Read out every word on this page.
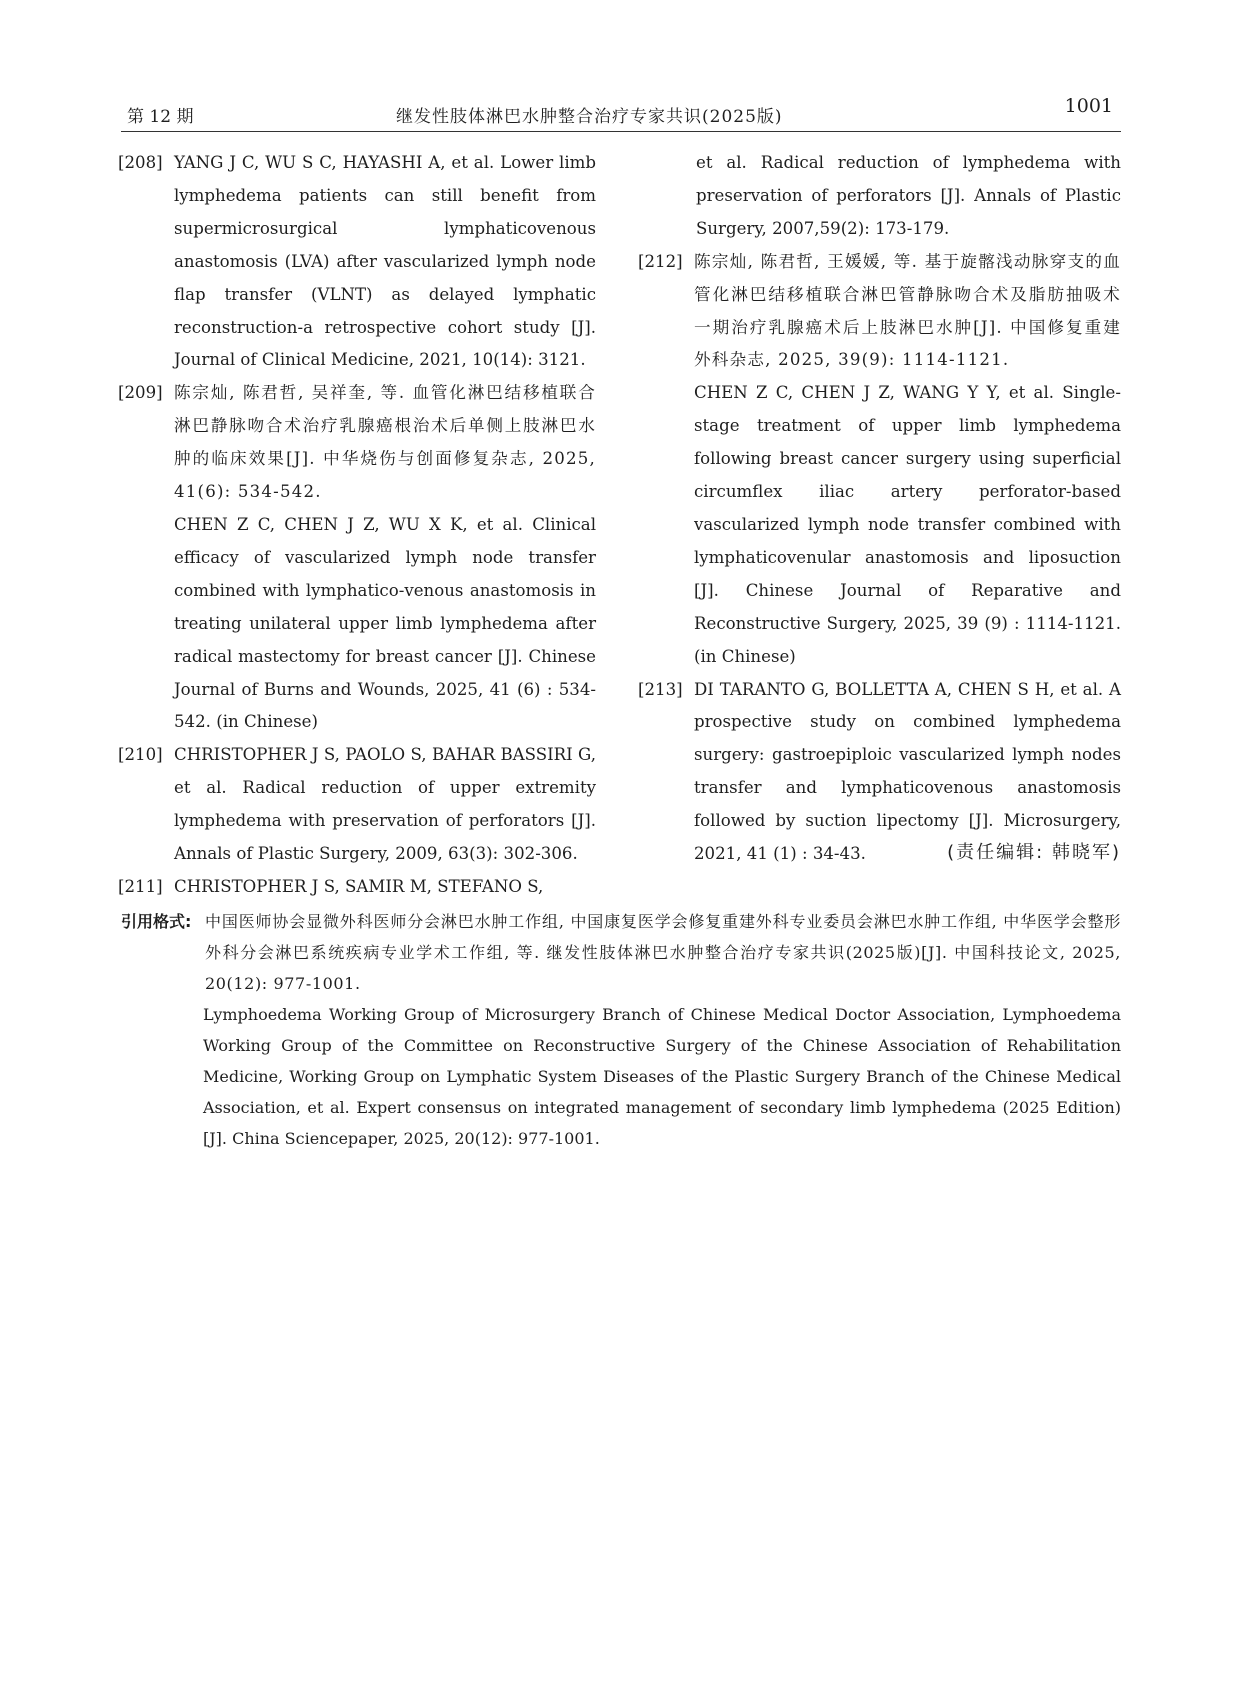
第 12 期	继发性肢体淋巴水肿整合治疗专家共识(2025版)	1001
[208] YANG J C, WU S C, HAYASHI A, et al. Lower limb lymphedema patients can still benefit from supermicrosurgical lymphaticovenous anastomosis (LVA) after vascularized lymph node flap transfer (VLNT) as delayed lymphatic reconstruction-a retrospective cohort study [J]. Journal of Clinical Medicine, 2021, 10(14): 3121.
[209] 陈宗灿, 陈君哲, 吴祥奎, 等. 血管化淋巴结移植联合淋巴静脉吻合术治疗乳腺癌根治术后单侧上肢淋巴水肿的临床效果[J]. 中华烧伤与创面修复杂志, 2025, 41(6): 534-542.
CHEN Z C, CHEN J Z, WU X K, et al. Clinical efficacy of vascularized lymph node transfer combined with lymphatico-venous anastomosis in treating unilateral upper limb lymphedema after radical mastectomy for breast cancer [J]. Chinese Journal of Burns and Wounds, 2025, 41 (6) : 534-542. (in Chinese)
[210] CHRISTOPHER J S, PAOLO S, BAHAR BASSIRI G, et al. Radical reduction of upper extremity lymphedema with preservation of perforators [J]. Annals of Plastic Surgery, 2009, 63(3): 302-306.
[211] CHRISTOPHER J S, SAMIR M, STEFANO S,
et al. Radical reduction of lymphedema with preservation of perforators [J]. Annals of Plastic Surgery, 2007,59(2): 173-179.
[212] 陈宗灿, 陈君哲, 王媛媛, 等. 基于旋髂浅动脉穿支的血管化淋巴结移植联合淋巴管静脉吻合术及脂肪抽吸术一期治疗乳腺癌术后上肢淋巴水肿[J]. 中国修复重建外科杂志, 2025, 39(9): 1114-1121.
CHEN Z C, CHEN J Z, WANG Y Y, et al. Single-stage treatment of upper limb lymphedema following breast cancer surgery using superficial circumflex iliac artery perforator-based vascularized lymph node transfer combined with lymphaticovenular anastomosis and liposuction [J]. Chinese Journal of Reparative and Reconstructive Surgery, 2025, 39 (9) : 1114-1121. (in Chinese)
[213] DI TARANTO G, BOLLETTA A, CHEN S H, et al. A prospective study on combined lymphedema surgery: gastroepiploic vascularized lymph nodes transfer and lymphaticovenous anastomosis followed by suction lipectomy [J]. Microsurgery, 2021, 41 (1) : 34-43.	(责任编辑: 韩晓军)
引用格式: 中国医师协会显微外科医师分会淋巴水肿工作组, 中国康复医学会修复重建外科专业委员会淋巴水肿工作组, 中华医学会整形外科分会淋巴系统疾病专业学术工作组, 等. 继发性肢体淋巴水肿整合治疗专家共识(2025版)[J]. 中国科技论文, 2025, 20(12): 977-1001.
Lymphoedema Working Group of Microsurgery Branch of Chinese Medical Doctor Association, Lymphoedema Working Group of the Committee on Reconstructive Surgery of the Chinese Association of Rehabilitation Medicine, Working Group on Lymphatic System Diseases of the Plastic Surgery Branch of the Chinese Medical Association, et al. Expert consensus on integrated management of secondary limb lymphedema (2025 Edition) [J]. China Sciencepaper, 2025, 20(12): 977-1001.
